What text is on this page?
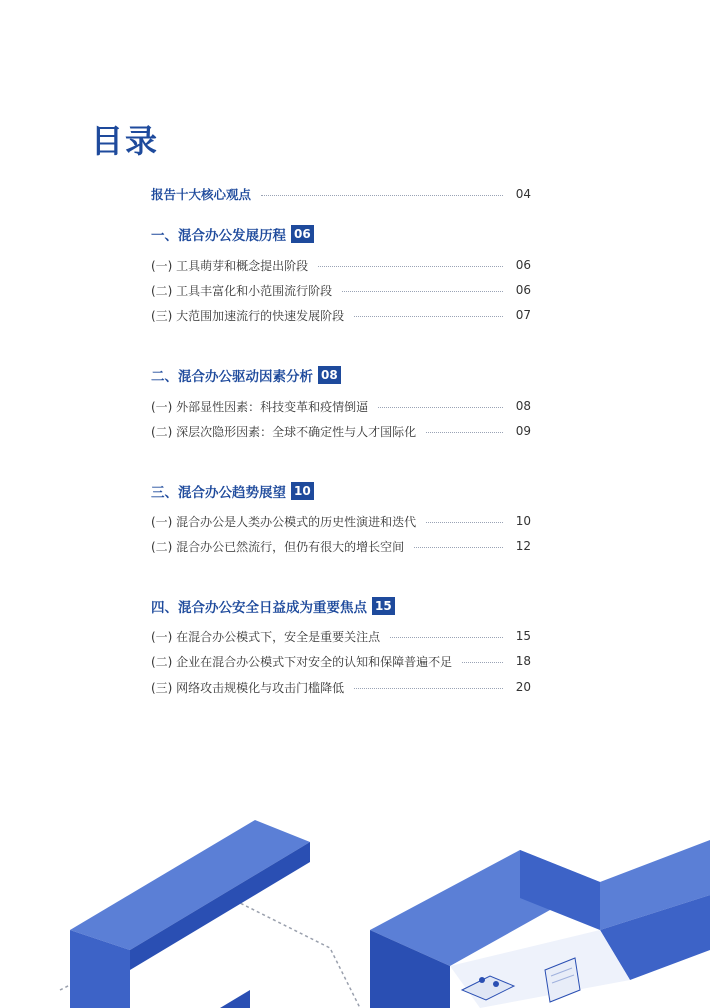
目录
报告十大核心观点	04
一、混合办公发展历程 06
(一) 工具萌芽和概念提出阶段	06
(二) 工具丰富化和小范围流行阶段	06
(三) 大范围加速流行的快速发展阶段	07
二、混合办公驱动因素分析 08
(一) 外部显性因素：科技变革和疫情倒逼	08
(二) 深层次隐形因素：全球不确定性与人才国际化	09
三、混合办公趋势展望 10
(一) 混合办公是人类办公模式的历史性演进和迭代	10
(二) 混合办公已然流行，但仍有很大的增长空间	12
四、混合办公安全日益成为重要焦点 15
(一) 在混合办公模式下，安全是重要关注点	15
(二) 企业在混合办公模式下对安全的认知和保障普遍不足	18
(三) 网络攻击规模化与攻击门槛降低	20
